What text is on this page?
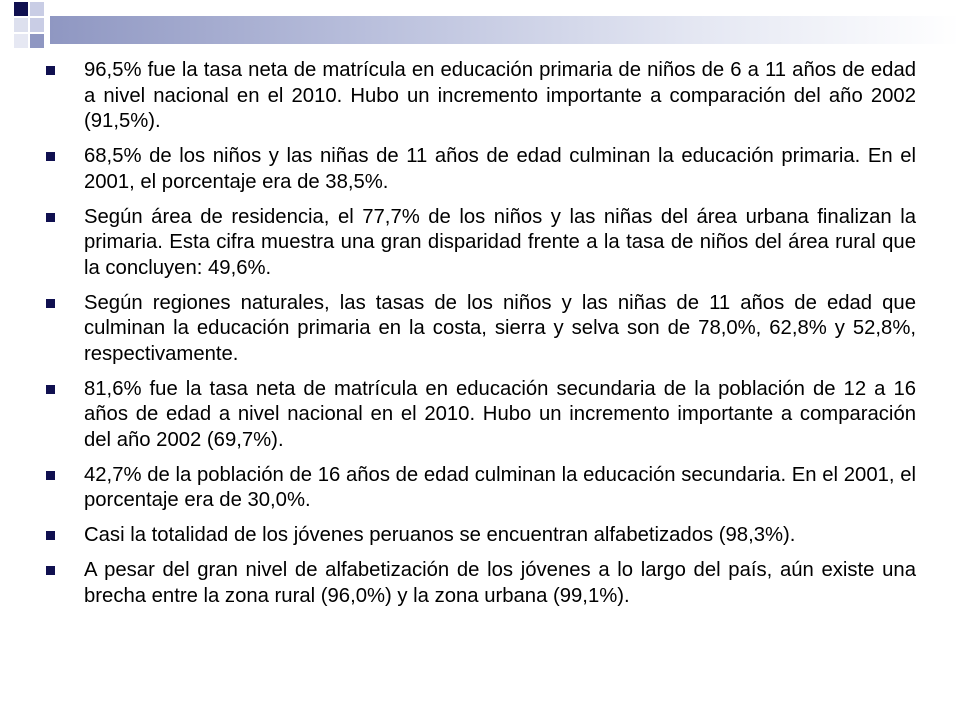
96,5% fue la tasa neta de matrícula en educación primaria de niños de 6 a 11 años de edad a nivel nacional en el 2010. Hubo un incremento importante a comparación del año 2002 (91,5%).
68,5% de los niños y las niñas de 11 años de edad culminan la educación primaria. En el 2001, el porcentaje era de 38,5%.
Según área de residencia, el 77,7% de los niños y las niñas del área urbana finalizan la primaria. Esta cifra muestra una gran disparidad frente a la tasa de niños del área rural que la concluyen: 49,6%.
Según regiones naturales, las tasas de los niños y las niñas de 11 años de edad que culminan la educación primaria en la costa, sierra y selva son de 78,0%, 62,8% y 52,8%, respectivamente.
81,6% fue la tasa neta de matrícula en educación secundaria de la población de 12 a 16 años de edad a nivel nacional en el 2010. Hubo un incremento importante a comparación del año 2002 (69,7%).
42,7% de la población de 16 años de edad culminan la educación secundaria. En el 2001, el porcentaje era de 30,0%.
Casi la totalidad de los jóvenes peruanos se encuentran alfabetizados (98,3%).
A pesar del gran nivel de alfabetización de los jóvenes a lo largo del país, aún existe una brecha entre la zona rural (96,0%) y la zona urbana (99,1%).
